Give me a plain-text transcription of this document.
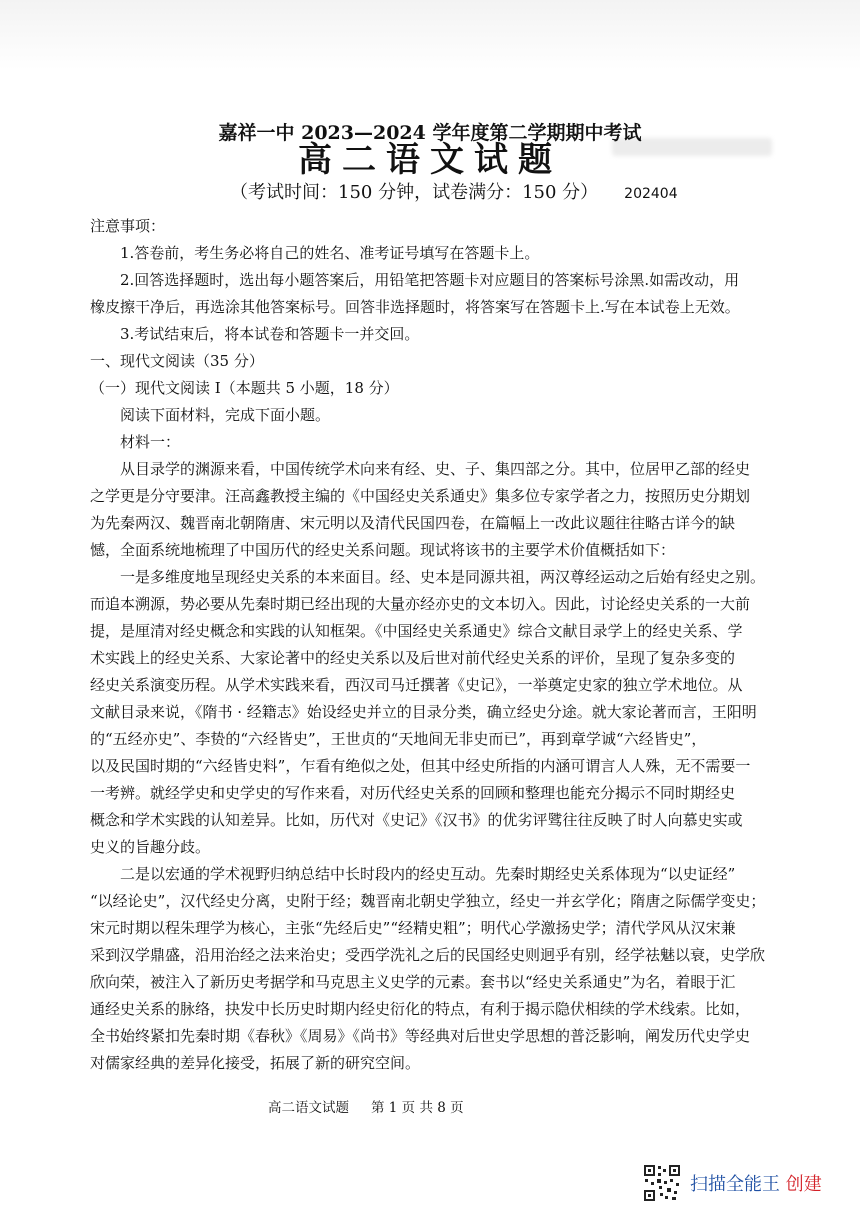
嘉祥一中 2023—2024 学年度第二学期期中考试
高二语文试题
（考试时间：150 分钟，试卷满分：150 分） 202404

注意事项：

1.答卷前，考生务必将自己的姓名、准考证号填写在答题卡上。

2.回答选择题时，选出每小题答案后，用铅笔把答题卡对应题目的答案标号涂黑.如需改动，用

橡皮擦干净后，再选涂其他答案标号。回答非选择题时，将答案写在答题卡上.写在本试卷上无效。

3.考试结束后，将本试卷和答题卡一并交回。

一、现代文阅读（35 分）

（一）现代文阅读 I（本题共 5 小题，18 分）

阅读下面材料，完成下面小题。

材料一：

从目录学的渊源来看，中国传统学术向来有经、史、子、集四部之分。其中，位居甲乙部的经史

之学更是分守要津。汪高鑫教授主编的《中国经史关系通史》集多位专家学者之力，按照历史分期划

为先秦两汉、魏晋南北朝隋唐、宋元明以及清代民国四卷，在篇幅上一改此议题往往略古详今的缺

憾，全面系统地梳理了中国历代的经史关系问题。现试将该书的主要学术价值概括如下：

一是多维度地呈现经史关系的本来面目。经、史本是同源共祖，两汉尊经运动之后始有经史之别。

而追本溯源，势必要从先秦时期已经出现的大量亦经亦史的文本切入。因此，讨论经史关系的一大前

提，是厘清对经史概念和实践的认知框架。《中国经史关系通史》综合文献目录学上的经史关系、学

术实践上的经史关系、大家论著中的经史关系以及后世对前代经史关系的评价，呈现了复杂多变的

经史关系演变历程。从学术实践来看，西汉司马迁撰著《史记》，一举奠定史家的独立学术地位。从

文献目录来说，《隋书 · 经籍志》始设经史并立的目录分类，确立经史分途。就大家论著而言，王阳明

的“五经亦史”、李贽的“六经皆史”，王世贞的“天地间无非史而已”，再到章学诚“六经皆史”，

以及民国时期的“六经皆史料”，乍看有绝似之处，但其中经史所指的内涵可谓言人人殊，无不需要一

一考辨。就经学史和史学史的写作来看，对历代经史关系的回顾和整理也能充分揭示不同时期经史

概念和学术实践的认知差异。比如，历代对《史记》《汉书》的优劣评骘往往反映了时人向慕史实或

史义的旨趣分歧。

二是以宏通的学术视野归纳总结中长时段内的经史互动。先秦时期经史关系体现为“以史证经”

“以经论史”，汉代经史分离，史附于经；魏晋南北朝史学独立，经史一并玄学化；隋唐之际儒学变史；

宋元时期以程朱理学为核心，主张“先经后史”“经精史粗”；明代心学激扬史学；清代学风从汉宋兼

采到汉学鼎盛，沿用治经之法来治史；受西学洗礼之后的民国经史则迥乎有别，经学祛魅以衰，史学欣

欣向荣，被注入了新历史考据学和马克思主义史学的元素。套书以“经史关系通史”为名，着眼于汇

通经史关系的脉络，抉发中长历史时期内经史衍化的特点，有利于揭示隐伏相续的学术线索。比如，

全书始终紧扣先秦时期《春秋》《周易》《尚书》等经典对后世史学思想的普泛影响，阐发历代史学史

对儒家经典的差异化接受，拓展了新的研究空间。

高二语文试题 第 1 页 共 8 页
扫描全能王 创建
